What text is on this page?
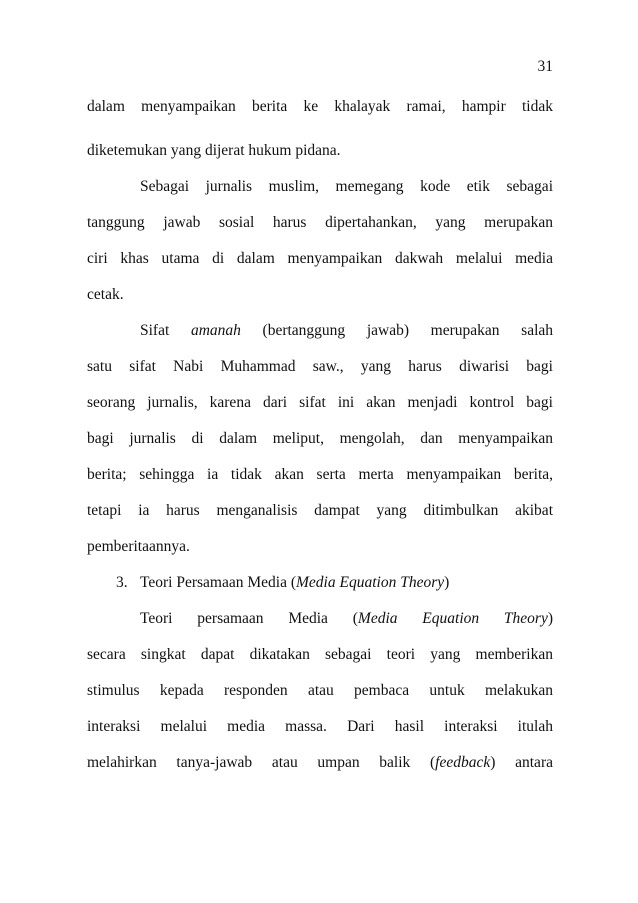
31
dalam menyampaikan berita ke khalayak ramai, hampir tidak
diketemukan yang dijerat hukum pidana.
Sebagai jurnalis muslim, memegang kode etik sebagai
tanggung jawab sosial harus dipertahankan, yang merupakan
ciri khas utama di dalam menyampaikan dakwah melalui media
cetak.
Sifat amanah (bertanggung jawab) merupakan salah
satu sifat Nabi Muhammad saw., yang harus diwarisi bagi
seorang jurnalis, karena dari sifat ini akan menjadi kontrol bagi
bagi jurnalis di dalam meliput, mengolah, dan menyampaikan
berita; sehingga ia tidak akan serta merta menyampaikan berita,
tetapi ia harus menganalisis dampat yang ditimbulkan akibat
pemberitaannya.
3. Teori Persamaan Media (Media Equation Theory)
Teori persamaan Media (Media Equation Theory)
secara singkat dapat dikatakan sebagai teori yang memberikan
stimulus kepada responden atau pembaca untuk melakukan
interaksi melalui media massa. Dari hasil interaksi itulah
melahirkan tanya-jawab atau umpan balik (feedback) antara
